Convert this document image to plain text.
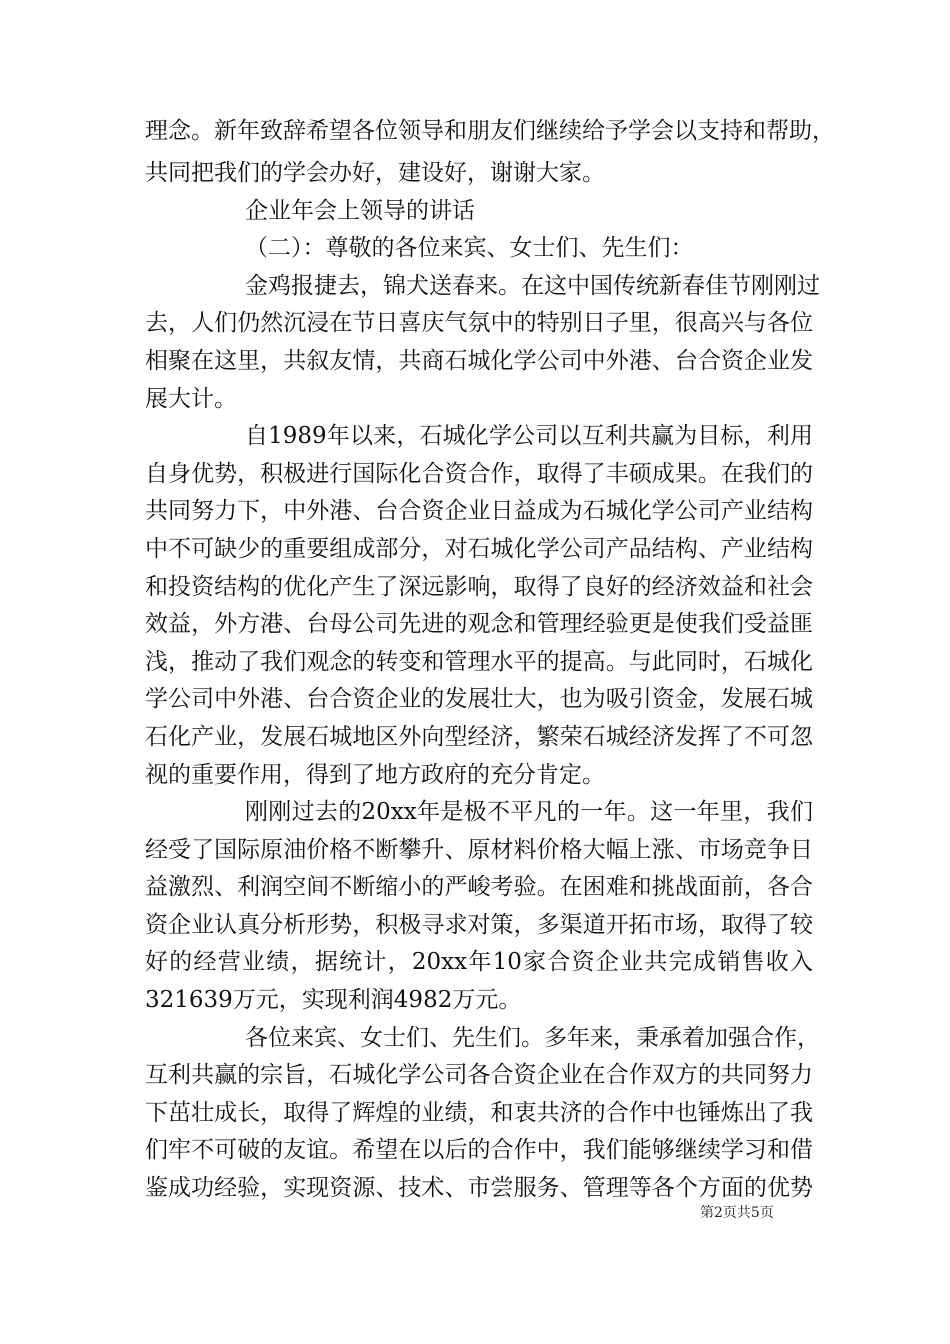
理念。新年致辞希望各位领导和朋友们继续给予学会以支持和帮助，
共同把我们的学会办好，建设好，谢谢大家。
企业年会上领导的讲话
（二）：尊敬的各位来宾、女士们、先生们：
金鸡报捷去，锦犬送春来。在这中国传统新春佳节刚刚过
去，人们仍然沉浸在节日喜庆气氛中的特别日子里，很高兴与各位
相聚在这里，共叙友情，共商石城化学公司中外港、台合资企业发
展大计。
自1989年以来，石城化学公司以互利共赢为目标，利用
自身优势，积极进行国际化合资合作，取得了丰硕成果。在我们的
共同努力下，中外港、台合资企业日益成为石城化学公司产业结构
中不可缺少的重要组成部分，对石城化学公司产品结构、产业结构
和投资结构的优化产生了深远影响，取得了良好的经济效益和社会
效益，外方港、台母公司先进的观念和管理经验更是使我们受益匪
浅，推动了我们观念的转变和管理水平的提高。与此同时，石城化
学公司中外港、台合资企业的发展壮大，也为吸引资金，发展石城
石化产业，发展石城地区外向型经济，繁荣石城经济发挥了不可忽
视的重要作用，得到了地方政府的充分肯定。
刚刚过去的20xx年是极不平凡的一年。这一年里，我们
经受了国际原油价格不断攀升、原材料价格大幅上涨、市场竞争日
益激烈、利润空间不断缩小的严峻考验。在困难和挑战面前，各合
资企业认真分析形势，积极寻求对策，多渠道开拓市场，取得了较
好的经营业绩，据统计，20xx年10家合资企业共完成销售收入
321639万元，实现利润4982万元。
各位来宾、女士们、先生们。多年来，秉承着加强合作，
互利共赢的宗旨，石城化学公司各合资企业在合作双方的共同努力
下茁壮成长，取得了辉煌的业绩，和衷共济的合作中也锤炼出了我
们牢不可破的友谊。希望在以后的合作中，我们能够继续学习和借
鉴成功经验，实现资源、技术、市尝服务、管理等各个方面的优势
第2页共5页
